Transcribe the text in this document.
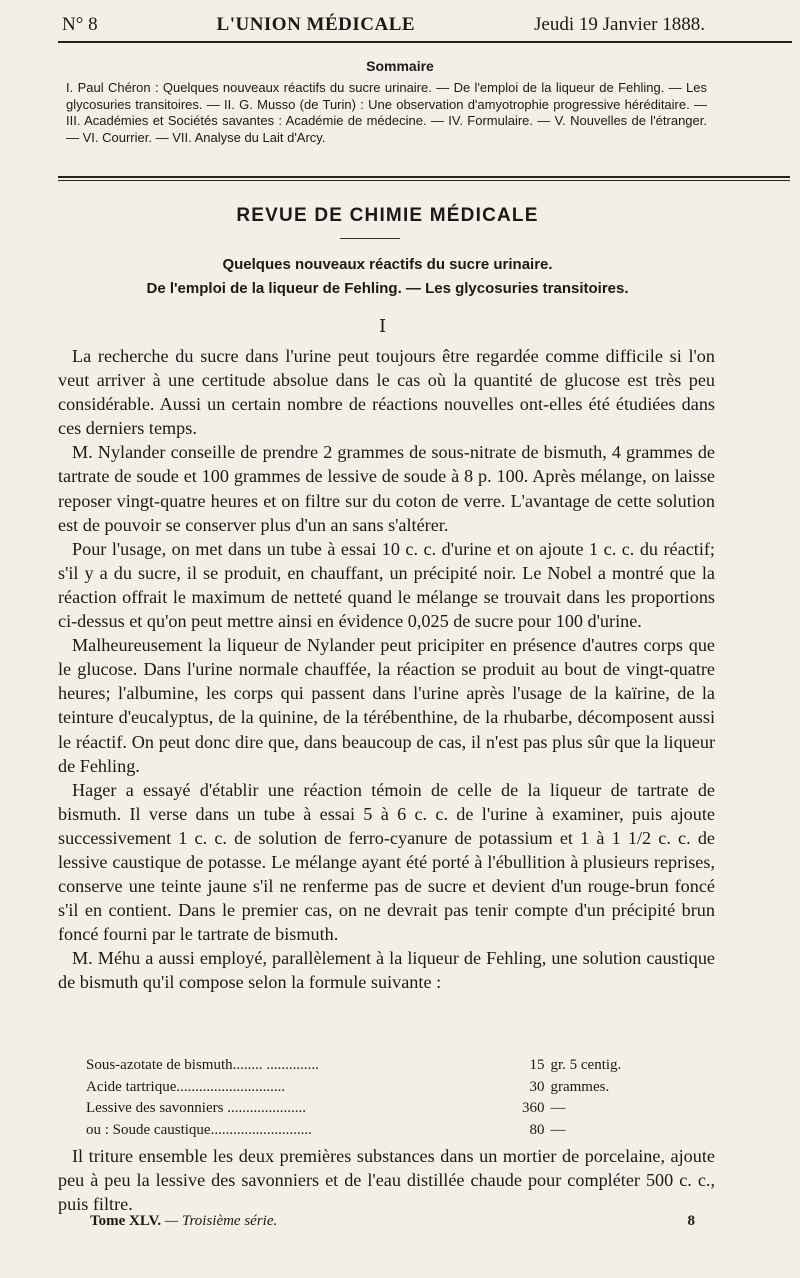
N° 8	L'UNION MÉDICALE	Jeudi 19 Janvier 1888.
Sommaire
I. Paul Chéron : Quelques nouveaux réactifs du sucre urinaire. — De l'emploi de la liqueur de Fehling. — Les glycosuries transitoires. — II. G. Musso (de Turin) : Une observation d'amyotrophie progressive héréditaire. — III. Académies et Sociétés savantes : Académie de médecine. — IV. Formulaire. — V. Nouvelles de l'étranger. — VI. Courrier. — VII. Analyse du Lait d'Arcy.
REVUE DE CHIMIE MÉDICALE
Quelques nouveaux réactifs du sucre urinaire.
De l'emploi de la liqueur de Fehling. — Les glycosuries transitoires.
I

La recherche du sucre dans l'urine peut toujours être regardée comme difficile si l'on veut arriver à une certitude absolue dans le cas où la quantité de glucose est très peu considérable. Aussi un certain nombre de réactions nouvelles ont-elles été étudiées dans ces derniers temps.

M. Nylander conseille de prendre 2 grammes de sous-nitrate de bismuth, 4 grammes de tartrate de soude et 100 grammes de lessive de soude à 8 p. 100. Après mélange, on laisse reposer vingt-quatre heures et on filtre sur du coton de verre. L'avantage de cette solution est de pouvoir se conserver plus d'un an sans s'altérer.

Pour l'usage, on met dans un tube à essai 10 c. c. d'urine et on ajoute 1 c. c. du réactif; s'il y a du sucre, il se produit, en chauffant, un précipité noir. Le Nobel a montré que la réaction offrait le maximum de netteté quand le mélange se trouvait dans les proportions ci-dessus et qu'on peut mettre ainsi en évidence 0,025 de sucre pour 100 d'urine.

Malheureusement la liqueur de Nylander peut pricipiter en présence d'autres corps que le glucose. Dans l'urine normale chauffée, la réaction se produit au bout de vingt-quatre heures; l'albumine, les corps qui passent dans l'urine après l'usage de la kaïrine, de la teinture d'eucalyptus, de la quinine, de la térébenthine, de la rhubarbe, décomposent aussi le réactif. On peut donc dire que, dans beaucoup de cas, il n'est pas plus sûr que la liqueur de Fehling.

Hager a essayé d'établir une réaction témoin de celle de la liqueur de tartrate de bismuth. Il verse dans un tube à essai 5 à 6 c. c. de l'urine à examiner, puis ajoute successivement 1 c. c. de solution de ferro-cyanure de potassium et 1 à 1 1/2 c. c. de lessive caustique de potasse. Le mélange ayant été porté à l'ébullition à plusieurs reprises, conserve une teinte jaune s'il ne renferme pas de sucre et devient d'un rouge-brun foncé s'il en contient. Dans le premier cas, on ne devrait pas tenir compte d'un précipité brun foncé fourni par le tartrate de bismuth.

M. Méhu a aussi employé, parallèlement à la liqueur de Fehling, une solution caustique de bismuth qu'il compose selon la formule suivante :

Sous-azotate de bismuth........ ..............	15 gr. 5 centig.
Acide tartrique.............................	30 grammes.
Lessive des savonniers .....................	360 —
ou : Soude caustique...........................	80 —
Il triture ensemble les deux premières substances dans un mortier de porcelaine, ajoute peu à peu la lessive des savonniers et de l'eau distillée chaude pour compléter 500 c. c., puis filtre.
Tome XLV. — Troisième série.	8
